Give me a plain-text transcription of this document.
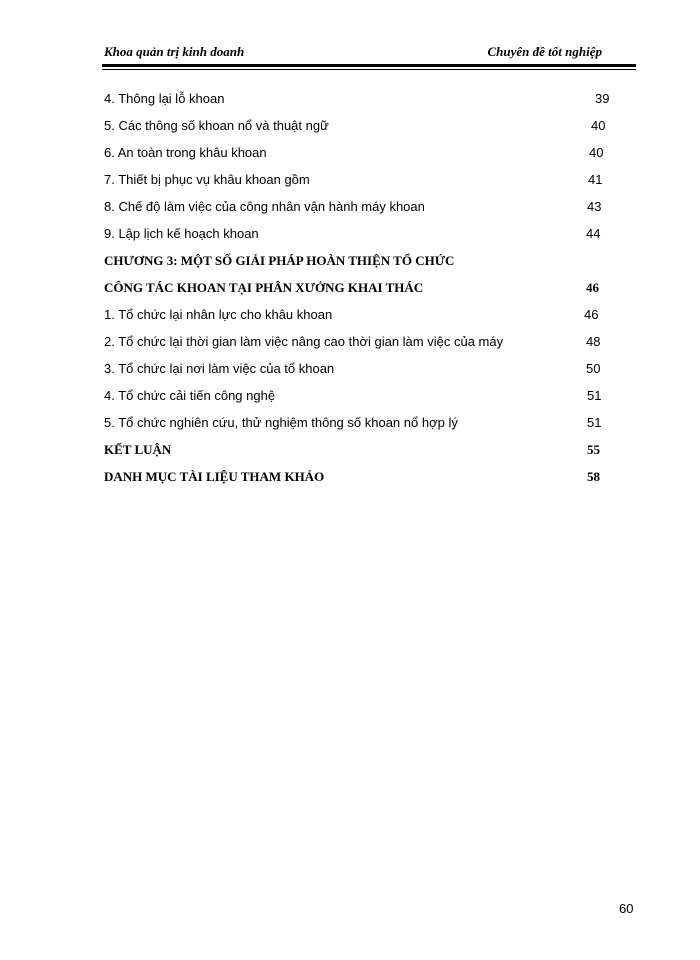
Khoa quản trị kinh doanh	Chuyên đề tốt nghiệp
4. Thông lại lỗ khoan	39
5. Các thông số khoan nổ và thuật ngữ	40
6. An toàn trong khâu khoan	40
7. Thiết bị phục vụ khâu khoan gồm	41
8. Chế độ làm việc của công nhân vận hành máy khoan	43
9. Lập lịch kế hoạch khoan	44
CHƯƠNG 3: MỘT SỐ GIẢI PHÁP HOÀN THIỆN TỔ CHỨC
CÔNG TÁC KHOAN TẠI PHÂN XƯỞNG KHAI THÁC	46
1. Tổ chức lại nhân lực cho khâu khoan	46
2. Tổ chức lại thời gian làm việc nâng cao thời gian làm việc của máy	48
3. Tổ chức lại nơi làm việc của tổ khoan	50
4. Tổ chức cải tiến công nghệ	51
5. Tổ chức nghiên cứu, thử nghiệm thông số khoan nổ hợp lý	51
KẾT LUẬN	55
DANH MỤC TÀI LIỆU THAM KHẢO	58
60
